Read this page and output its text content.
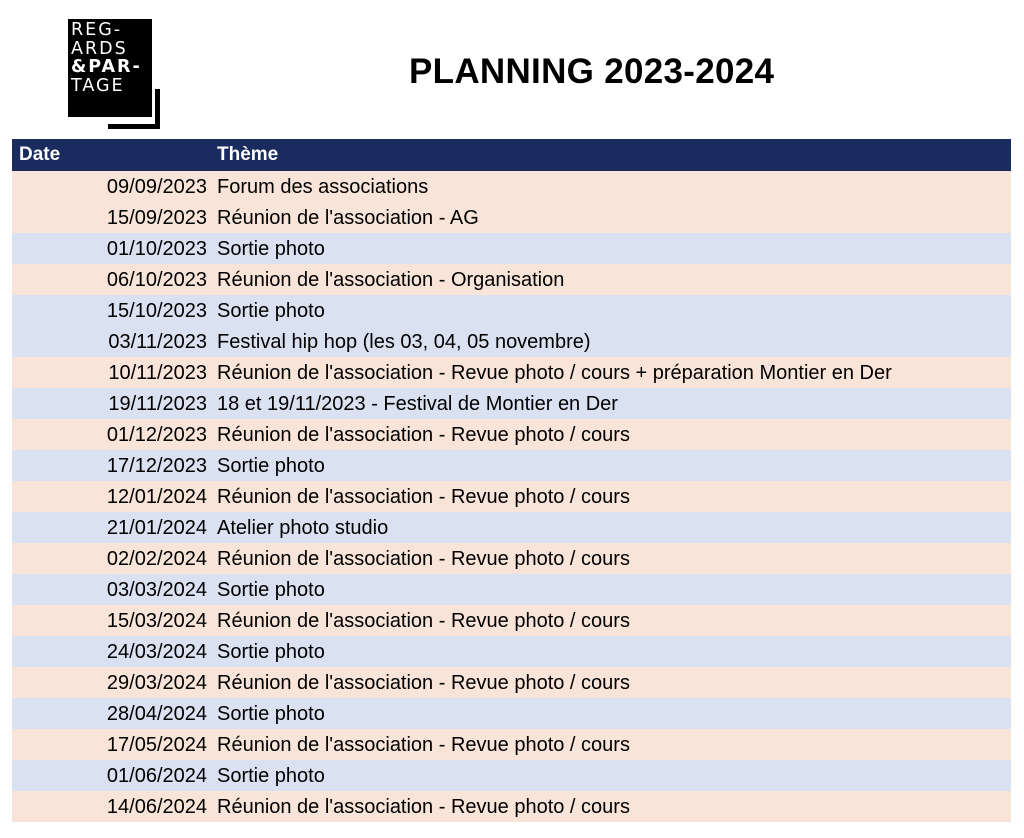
REG-
ARDS
&PAR-
TAGE	PLANNING 2023-2024
Date	Thème
09/09/2023 Forum des associations
15/09/2023 Réunion de l'association - AG
01/10/2023 Sortie photo
06/10/2023 Réunion de l'association - Organisation
15/10/2023 Sortie photo
03/11/2023 Festival hip hop (les 03, 04, 05 novembre)
10/11/2023 Réunion de l'association - Revue photo / cours + préparation Montier en Der
19/11/2023 18 et 19/11/2023 - Festival de Montier en Der
01/12/2023 Réunion de l'association - Revue photo / cours
17/12/2023 Sortie photo
12/01/2024 Réunion de l'association - Revue photo / cours
21/01/2024 Atelier photo studio
02/02/2024 Réunion de l'association - Revue photo / cours
03/03/2024 Sortie photo
15/03/2024 Réunion de l'association - Revue photo / cours
24/03/2024 Sortie photo
29/03/2024 Réunion de l'association - Revue photo / cours
28/04/2024 Sortie photo
17/05/2024 Réunion de l'association - Revue photo / cours
01/06/2024 Sortie photo
14/06/2024 Réunion de l'association - Revue photo / cours
